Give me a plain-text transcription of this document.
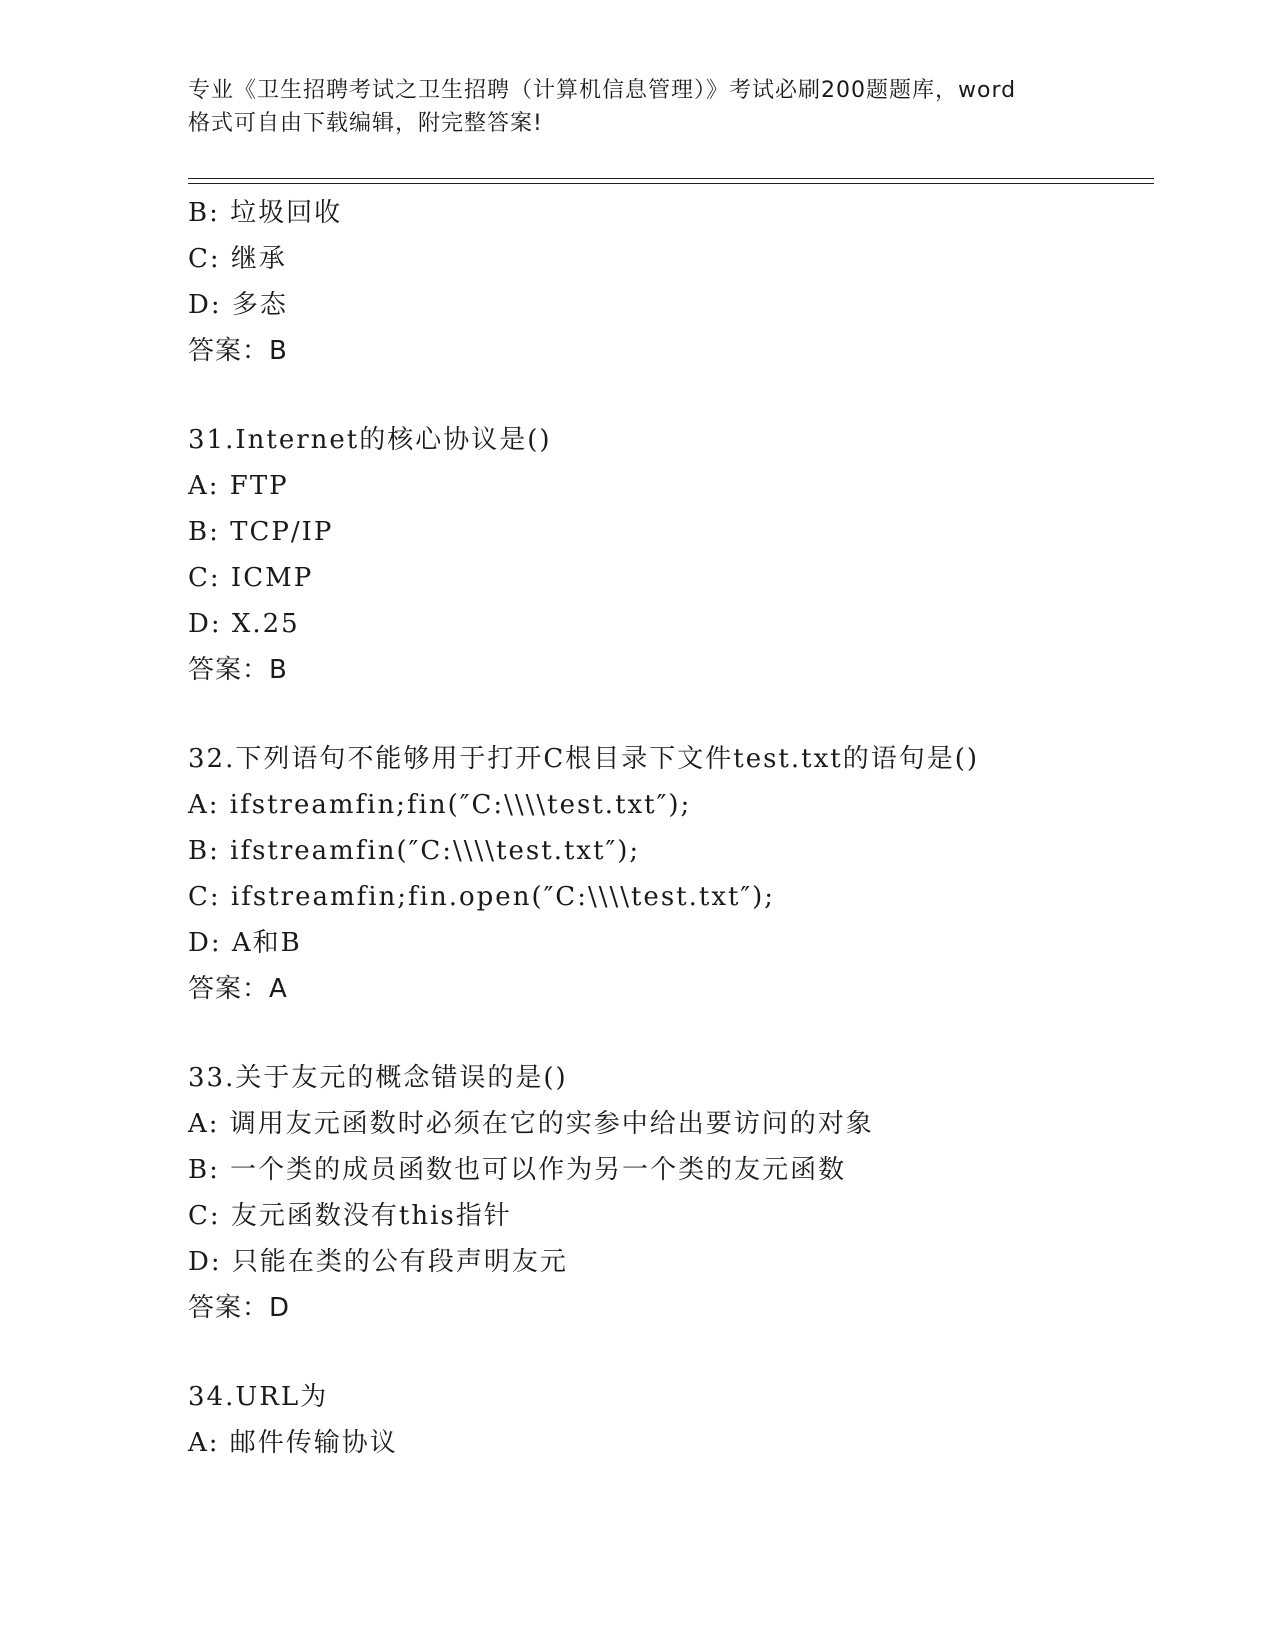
专业《卫生招聘考试之卫生招聘（计算机信息管理）》考试必刷200题题库，word
格式可自由下载编辑，附完整答案!
B: 垃圾回收
C: 继承
D: 多态
答案：B
31.Internet的核心协议是()
A: FTP
B: TCP/IP
C: ICMP
D: X.25
答案：B
32.下列语句不能够用于打开C根目录下文件test.txt的语句是()
A: ifstreamfin;fin(″C:\\\\test.txt″);
B: ifstreamfin(″C:\\\\test.txt″);
C: ifstreamfin;fin.open(″C:\\\\test.txt″);
D: A和B
答案：A
33.关于友元的概念错误的是()
A: 调用友元函数时必须在它的实参中给出要访问的对象
B: 一个类的成员函数也可以作为另一个类的友元函数
C: 友元函数没有this指针
D: 只能在类的公有段声明友元
答案：D
34.URL为
A: 邮件传输协议
